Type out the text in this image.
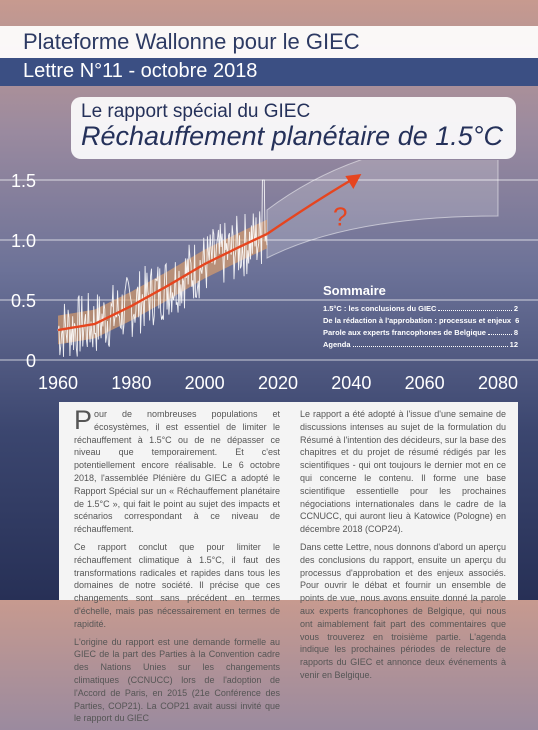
Plateforme Wallonne pour le GIEC
Lettre N°11 - octobre 2018
Le rapport spécial du GIEC
Réchauffement planétaire de 1.5°C
1960 1980 2000 2020 2040 2060 2080
0
0.5
1.0
1.5
?
Sommaire
1.5°C : les conclusions du GIEC	2
De la rédaction à l'approbation : processus et enjeux 6
Parole aux experts francophones de Belgique	8
Agenda	12

Pour de nombreuses populations et écosystèmes, il est essentiel de limiter le réchauffement à 1.5°C ou de ne dépasser ce niveau que temporairement. Et c'est potentiellement encore réalisable. Le 6 octobre 2018, l'assemblée Plénière du GIEC a adopté le Rapport Spécial sur un « Réchauffement planétaire de 1.5°C », qui fait le point au sujet des impacts et scénarios correspondant à ce niveau de réchauffement.

Ce rapport conclut que pour limiter le réchauffement climatique à 1.5°C, il faut des transformations radicales et rapides dans tous les domaines de notre société. Il précise que ces changements sont sans précédent en termes d'échelle, mais pas nécessairement en termes de rapidité.

L'origine du rapport est une demande formelle au GIEC de la part des Parties à la Convention cadre des Nations Unies sur les changements climatiques (CCNUCC) lors de l'adoption de l'Accord de Paris, en 2015 (21e Conférence des Parties, COP21). La COP21 avait aussi invité que le rapport du GIEC

Le rapport a été adopté à l'issue d'une semaine de discussions intenses au sujet de la formulation du Résumé à l'intention des décideurs, sur la base des chapitres et du projet de résumé rédigés par les scientifiques - qui ont toujours le dernier mot en ce qui concerne le contenu. Il forme une base scientifique essentielle pour les prochaines négociations internationales dans le cadre de la CCNUCC, qui auront lieu à Katowice (Pologne) en décembre 2018 (COP24).

Dans cette Lettre, nous donnons d'abord un aperçu des conclusions du rapport, ensuite un aperçu du processus d'approbation et des enjeux associés. Pour ouvrir le débat et fournir un ensemble de points de vue, nous avons ensuite donné la parole aux experts francophones de Belgique, qui nous ont aimablement fait part des commentaires que vous trouverez en troisième partie. L'agenda indique les prochaines périodes de relecture de rapports du GIEC et annonce deux événements à venir en Belgique.
